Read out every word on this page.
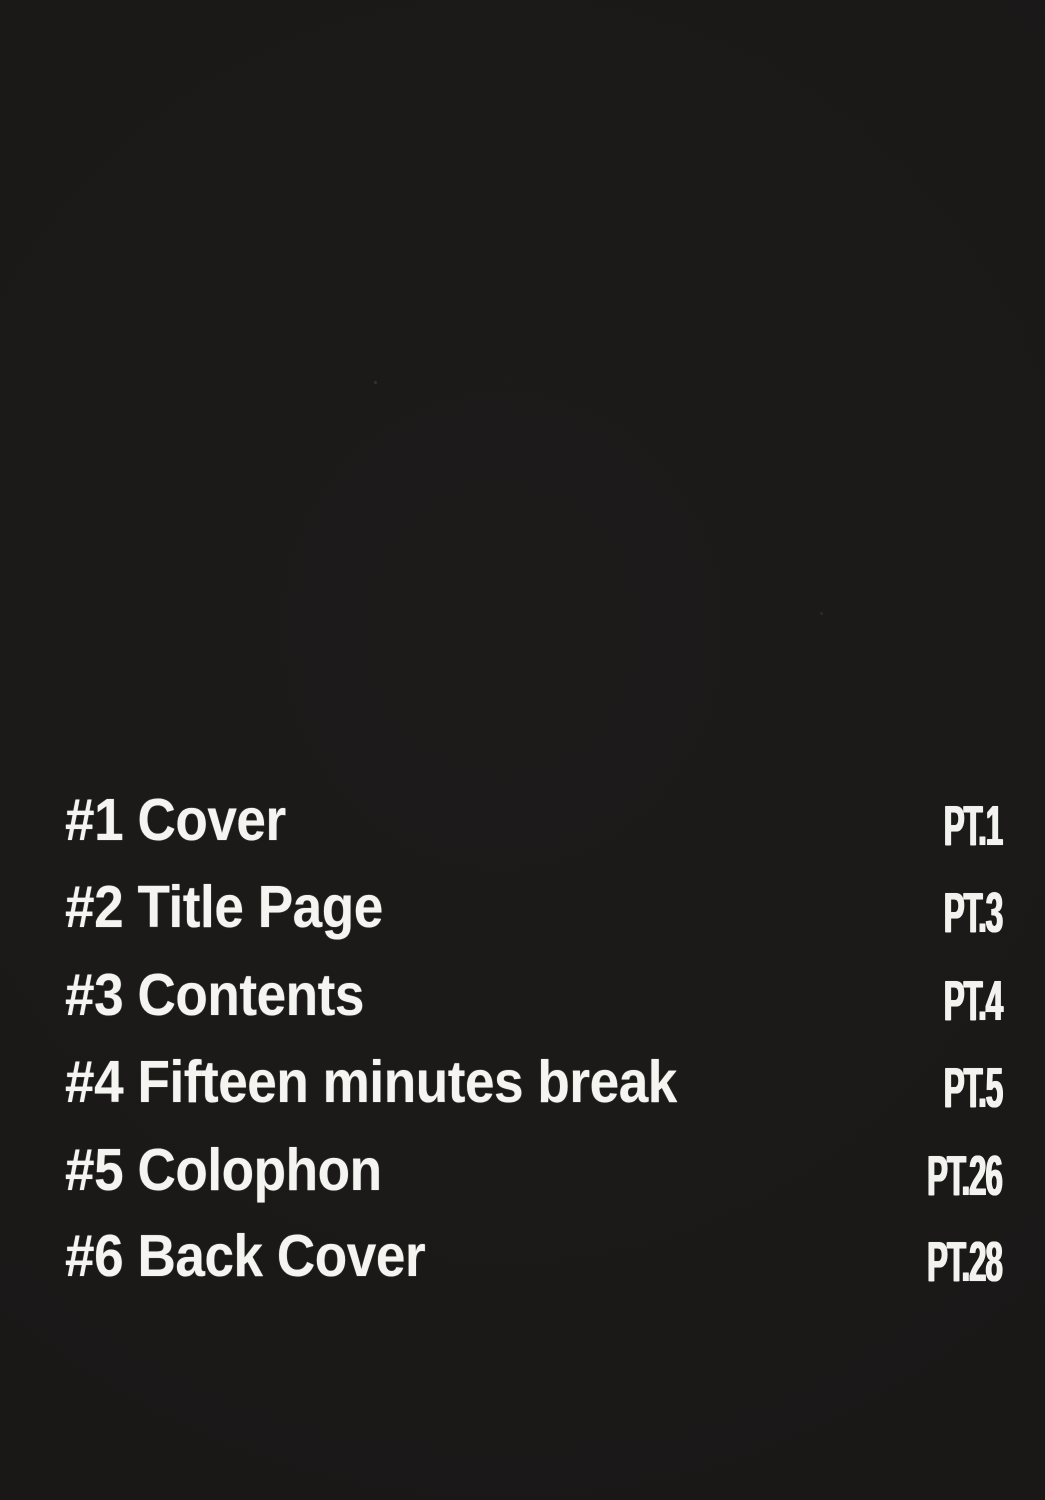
#1 Cover	PT.1
#2 Title Page	PT.3
#3 Contents	PT.4
#4 Fifteen minutes break	PT.5
#5 Colophon	PT.26
#6 Back Cover	PT.28
